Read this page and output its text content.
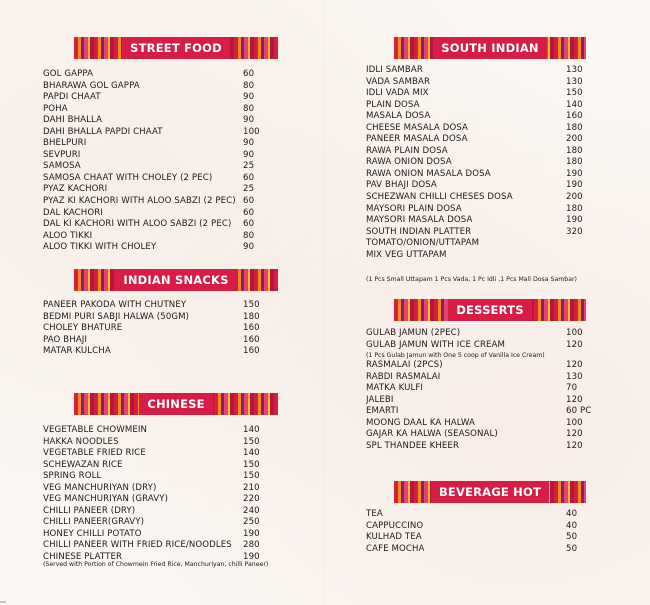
STREET FOOD
GOL GAPPA	60
BHARAWA GOL GAPPA	80
PAPDI CHAAT	90
POHA	80
DAHI BHALLA	90
DAHI BHALLA PAPDI CHAAT	100
BHELPURI	90
SEVPURI	90
SAMOSA	25
SAMOSA CHAAT WITH CHOLEY (2 PEC)	60
PYAZ KACHORI	25
PYAZ KI KACHORI WITH ALOO SABZI (2 PEC) 60
DAL KACHORI	60
DAL KI KACHORI WITH ALOO SABZI (2 PEC)	60
ALOO TIKKI	80
ALOO TIKKI WITH CHOLEY	90
INDIAN SNACKS
PANEER PAKODA WITH CHUTNEY	150
BEDMI PURI SABJI HALWA (50GM)	180
CHOLEY BHATURE	160
PAO BHAJI	160
MATAR KULCHA	160
CHINESE
VEGETABLE CHOWMEIN	140
HAKKA NOODLES	150
VEGETABLE FRIED RICE	140
SCHEWAZAN RICE	150
SPRING ROLL	150
VEG MANCHURIYAN (DRY)	210
VEG MANCHURIYAN (GRAVY)	220
CHILLI PANEER (DRY)	240
CHILLI PANEER(GRAVY)	250
HONEY CHILLI POTATO	190
CHILLI PANEER WITH FRIED RICE/NOODLES	280
CHINESE PLATTER	190
(Served with Portion of Chowmein Fried Rice, Manchuriyan, chilli Paneer)
SOUTH INDIAN
IDLI SAMBAR	130
VADA SAMBAR	130
IDLI VADA MIX	150
PLAIN DOSA	140
MASALA DOSA	160
CHEESE MASALA DOSA	180
PANEER MASALA DOSA	200
RAWA PLAIN DOSA	180
RAWA ONION DOSA	180
RAWA ONION MASALA DOSA	190
PAV BHAJI DOSA	190
SCHEZWAN CHILLI CHESES DOSA	200
MAYSORI PLAIN DOSA	180
MAYSORI MASALA DOSA	190
SOUTH INDIAN PLATTER	320
TOMATO/ONION/UTTAPAM
MIX VEG UTTAPAM
(1 Pcs Small Uttapam 1 Pcs Vada, 1 Pc Idli ,1 Pcs Mall Dosa Sambar)
DESSERTS
GULAB JAMUN (2PEC)	100
GULAB JAMUN WITH ICE CREAM	120
(1 Pcs Gulab Jamun with One 5 coop of Vanilla Ice Cream)
RASMALAI (2PCS)	120
RABDI RASMALAI	130
MATKA KULFI	70
JALEBI	120
EMARTI	60 PC
MOONG DAAL KA HALWA	100
GAJAR KA HALWA (SEASONAL)	120
SPL THANDEE KHEER	120
BEVERAGE HOT
TEA	40
CAPPUCCINO	40
KULHAD TEA	50
CAFÉ MOCHA	50
